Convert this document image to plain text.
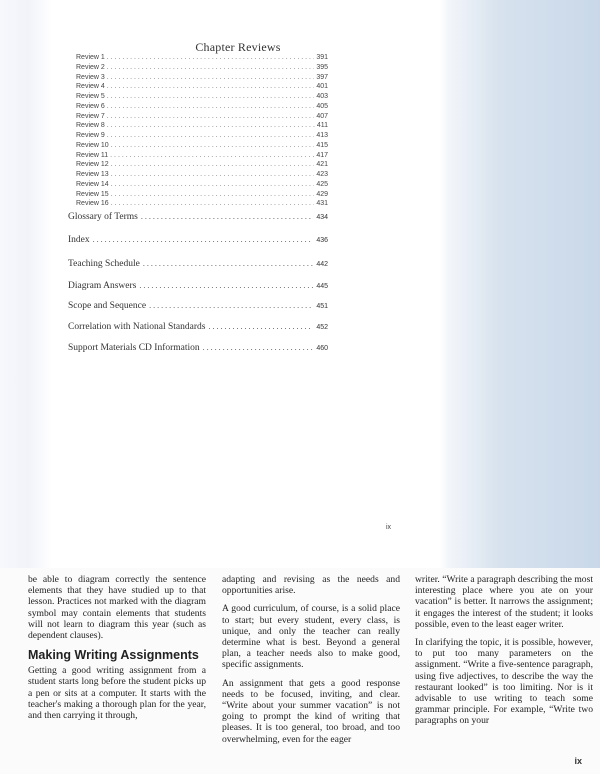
Chapter Reviews
Review 1 . . .	391
Review 2 . . .	395
Review 3 . . .	397
Review 4 . . .	401
Review 5 . . .	403
Review 6 . . .	405
Review 7 . . .	407
Review 8 . . .	411
Review 9 . . .	413
Review 10 . . .	415
Review 11 . . .	417
Review 12 . . .	421
Review 13 . . .	423
Review 14 . . .	425
Review 15 . . .	429
Review 16 . . .	431
Glossary of Terms . . .	434
Index . . .	436
Teaching Schedule . . .	442
Diagram Answers . . .	445
Scope and Sequence . . .	451
Correlation with National Standards . . .	452
Support Materials CD Information . . .	460
ix

be able to diagram correctly the sentence elements that they have studied up to that lesson. Practices not marked with the diagram symbol may contain elements that students will not learn to diagram this year (such as dependent clauses).

Making Writing Assignments

Getting a good writing assignment from a student starts long before the student picks up a pen or sits at a computer. It starts with the teacher's making a thorough plan for the year, and then carrying it through,

adapting and revising as the needs and opportunities arise.

A good curriculum, of course, is a solid place to start; but every student, every class, is unique, and only the teacher can really determine what is best. Beyond a general plan, a teacher needs also to make good, specific assignments.

An assignment that gets a good response needs to be focused, inviting, and clear. “Write about your summer vacation” is not going to prompt the kind of writing that pleases. It is too general, too broad, and too overwhelming, even for the eager

writer. “Write a paragraph describing the most interesting place where you ate on your vacation” is better. It narrows the assignment; it engages the interest of the student; it looks possible, even to the least eager writer.

In clarifying the topic, it is possible, however, to put too many parameters on the assignment. “Write a five-sentence paragraph, using five adjectives, to describe the way the restaurant looked” is too limiting. Nor is it advisable to use writing to teach some grammar principle. For example, “Write two paragraphs on your

ix
